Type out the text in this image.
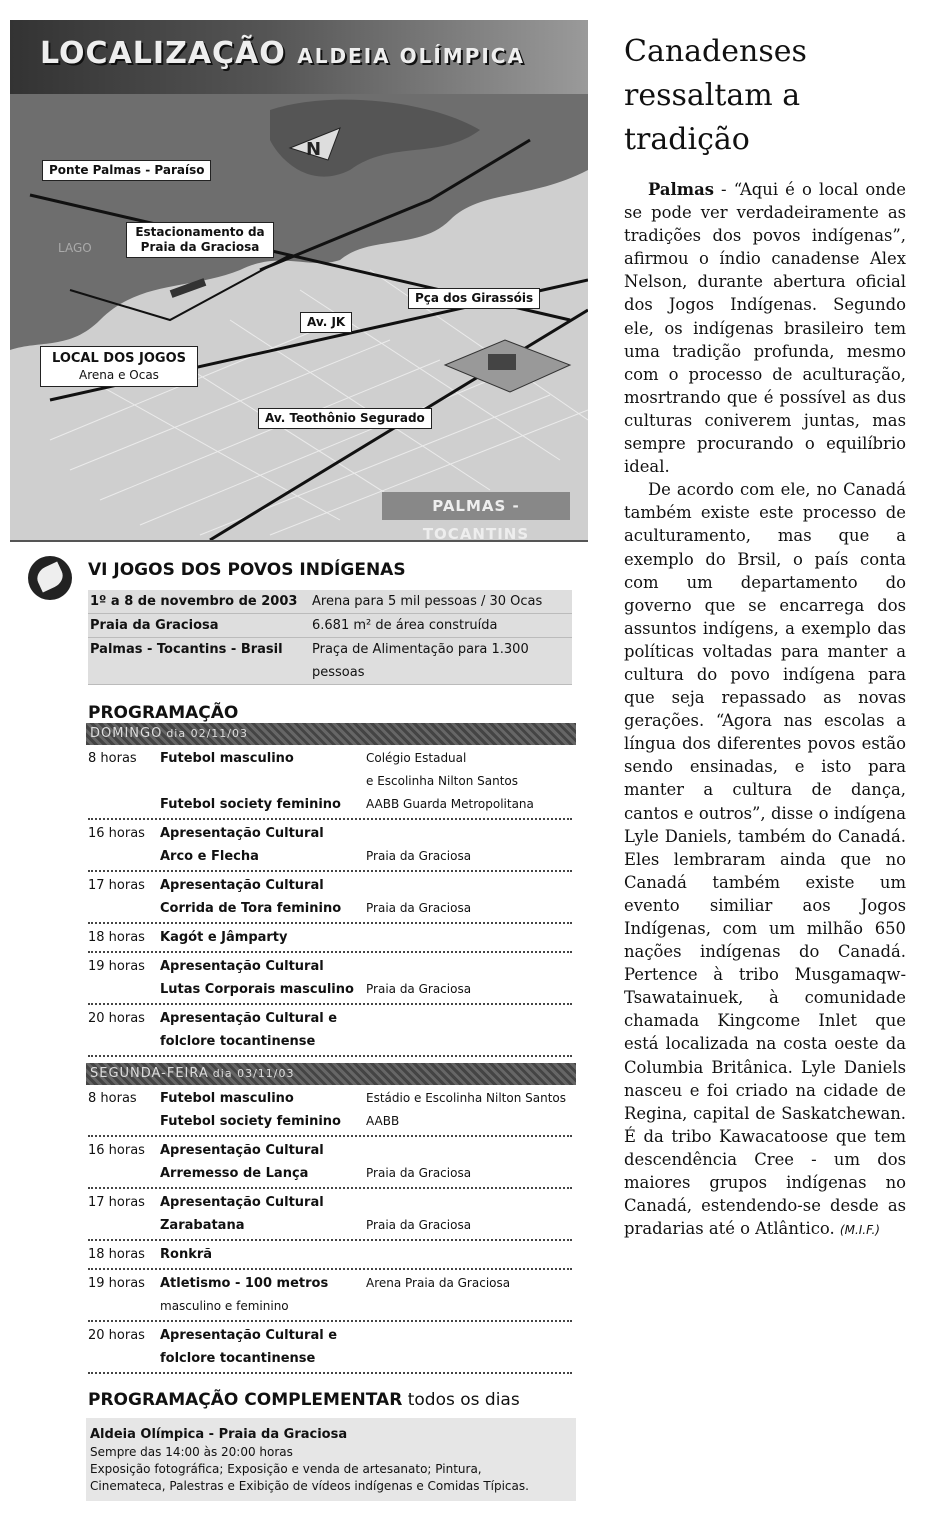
N
LAGO
LOCALIZAÇÃO ALDEIA OLÍMPICA
Ponte Palmas - Paraíso
Estacionamento da Praia da Graciosa
Pça dos Girassóis
Av. JK
Av. Teothônio Segurado
LOCAL DOS JOGOS
Arena e Ocas
PALMAS - TOCANTINS
VI JOGOS DOS POVOS INDÍGENAS
1º a 8 de novembro de 2003	Arena para 5 mil pessoas / 30 Ocas
Praia da Graciosa	6.681 m² de área construída
Palmas - Tocantins - Brasil	Praça de Alimentação para 1.300 pessoas
PROGRAMAÇÃO
DOMINGO dia 02/11/03
8 horas	Futebol masculino	Colégio Estadual
e Escolinha Nilton Santos
Futebol society feminino	AABB Guarda Metropolitana
16 horas	Apresentação Cultural
Arco e Flecha	Praia da Graciosa
17 horas	Apresentação Cultural
Corrida de Tora feminino	Praia da Graciosa
18 horas	Kagót e Jâmparty
19 horas	Apresentação Cultural
Lutas Corporais masculino	Praia da Graciosa
20 horas	Apresentação Cultural e folclore tocantinense
SEGUNDA-FEIRA dia 03/11/03
8 horas	Futebol masculino	Estádio e Escolinha Nilton Santos
Futebol society feminino	AABB
16 horas	Apresentação Cultural
Arremesso de Lança	Praia da Graciosa
17 horas	Apresentação Cultural
Zarabatana	Praia da Graciosa
18 horas	Ronkrã
19 horas	Atletismo - 100 metros	Arena Praia da Graciosa
masculino e feminino
20 horas	Apresentação Cultural e folclore tocantinense
PROGRAMAÇÃO COMPLEMENTAR todos os dias
Aldeia Olímpica - Praia da Graciosa
Sempre das 14:00 às 20:00 horas
Exposição fotográfica; Exposição e venda de artesanato; Pintura,
Cinemateca, Palestras e Exibição de vídeos indígenas e Comidas Típicas.
Canadenses
ressaltam a tradição

Palmas - “Aqui é o local onde se pode ver verdadeiramente as tradições dos povos indígenas”, afirmou o índio canadense Alex Nelson, durante abertura oficial dos Jogos Indígenas. Segundo ele, os indígenas brasileiro tem uma tradição profunda, mesmo com o processo de aculturação, mosrtrando que é possível as dus culturas coniverem juntas, mas sempre procurando o equilíbrio ideal.

De acordo com ele, no Canadá também existe este processo de aculturamento, mas que a exemplo do Brsil, o país conta com um departamento do governo que se encarrega dos assuntos indígens, a exemplo das políticas voltadas para manter a cultura do povo indígena para que seja repassado as novas gerações. “Agora nas escolas a língua dos diferentes povos estão sendo ensinadas, e isto para manter a cultura de dança, cantos e outros”, disse o indígena Lyle Daniels, também do Canadá. Eles lembraram ainda que no Canadá também existe um evento similiar aos Jogos Indígenas, com um milhão 650 nações indígenas do Canadá. Pertence à tribo Musgamaqw-Tsawatainuek, à comunidade chamada Kingcome Inlet que está localizada na costa oeste da Columbia Britânica. Lyle Daniels nasceu e foi criado na cidade de Regina, capital de Saskatchewan. É da tribo Kawacatoose que tem descendência Cree - um dos maiores grupos indígenas no Canadá, estendendo-se desde as pradarias até o Atlântico. (M.I.F.)
